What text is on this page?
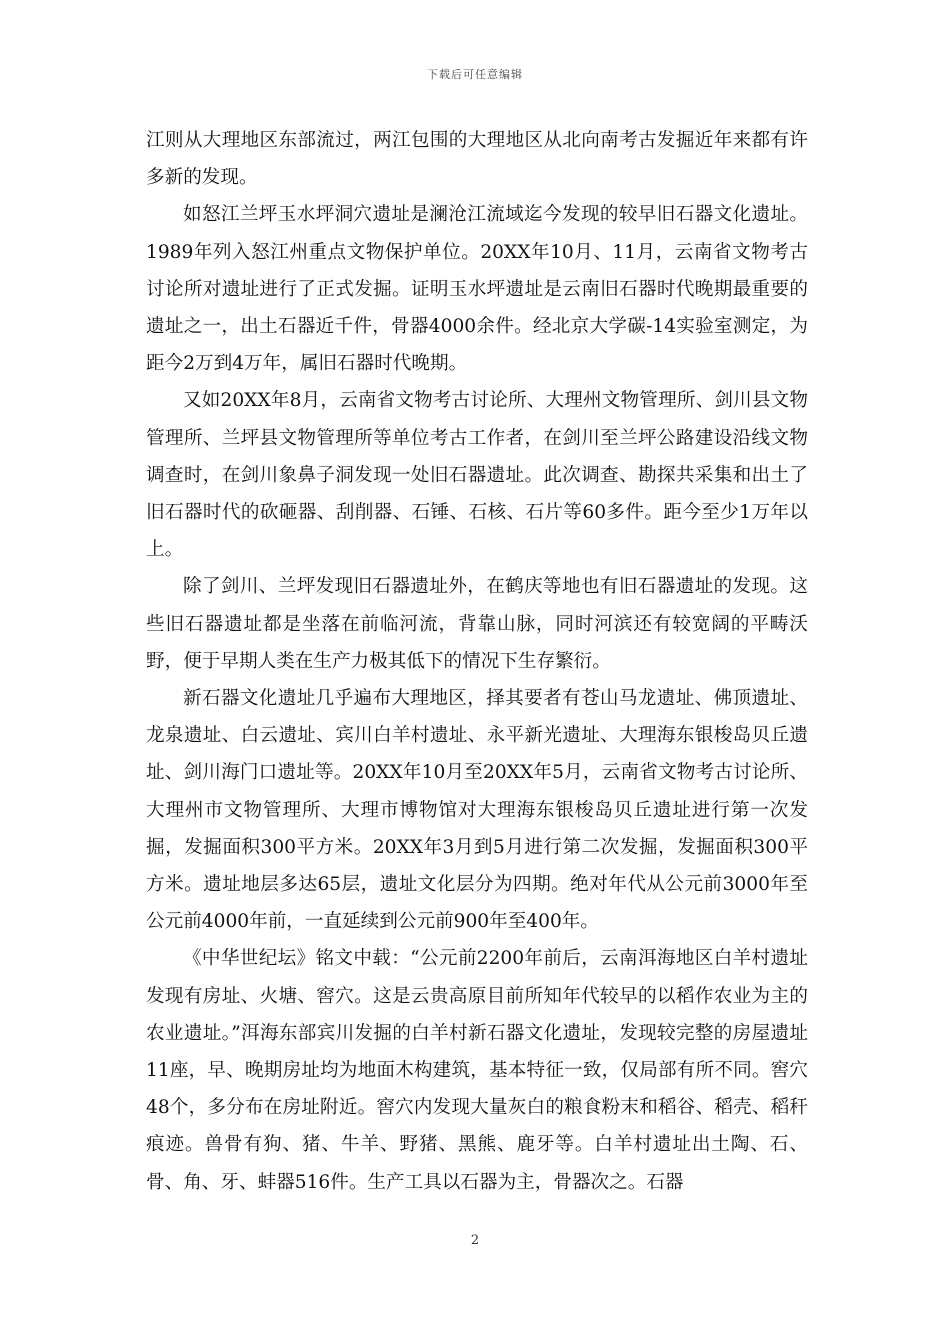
下载后可任意编辑

江则从大理地区东部流过，两江包围的大理地区从北向南考古发掘近年来都有许多新的发现。

如怒江兰坪玉水坪洞穴遗址是澜沧江流域迄今发现的较早旧石器文化遗址。1989年列入怒江州重点文物保护单位。20XX年10月、11月，云南省文物考古讨论所对遗址进行了正式发掘。证明玉水坪遗址是云南旧石器时代晚期最重要的遗址之一，出土石器近千件，骨器4000余件。经北京大学碳-14实验室测定，为距今2万到4万年，属旧石器时代晚期。

又如20XX年8月，云南省文物考古讨论所、大理州文物管理所、剑川县文物管理所、兰坪县文物管理所等单位考古工作者，在剑川至兰坪公路建设沿线文物调查时，在剑川象鼻子洞发现一处旧石器遗址。此次调查、勘探共采集和出土了旧石器时代的砍砸器、刮削器、石锤、石核、石片等60多件。距今至少1万年以上。

除了剑川、兰坪发现旧石器遗址外，在鹤庆等地也有旧石器遗址的发现。这些旧石器遗址都是坐落在前临河流，背靠山脉，同时河滨还有较宽阔的平畴沃野，便于早期人类在生产力极其低下的情况下生存繁衍。

新石器文化遗址几乎遍布大理地区，择其要者有苍山马龙遗址、佛顶遗址、龙泉遗址、白云遗址、宾川白羊村遗址、永平新光遗址、大理海东银梭岛贝丘遗址、剑川海门口遗址等。20XX年10月至20XX年5月，云南省文物考古讨论所、大理州市文物管理所、大理市博物馆对大理海东银梭岛贝丘遗址进行第一次发掘，发掘面积300平方米。20XX年3月到5月进行第二次发掘，发掘面积300平方米。遗址地层多达65层，遗址文化层分为四期。绝对年代从公元前3000年至公元前4000年前，一直延续到公元前900年至400年。

《中华世纪坛》铭文中载：“公元前2200年前后，云南洱海地区白羊村遗址发现有房址、火塘、窖穴。这是云贵高原目前所知年代较早的以稻作农业为主的农业遗址。”洱海东部宾川发掘的白羊村新石器文化遗址，发现较完整的房屋遗址11座，早、晚期房址均为地面木构建筑，基本特征一致，仅局部有所不同。窖穴48个，多分布在房址附近。窖穴内发现大量灰白的粮食粉末和稻谷、稻壳、稻秆痕迹。兽骨有狗、猪、牛羊、野猪、黑熊、鹿牙等。白羊村遗址出土陶、石、骨、角、牙、蚌器516件。生产工具以石器为主，骨器次之。石器

2
